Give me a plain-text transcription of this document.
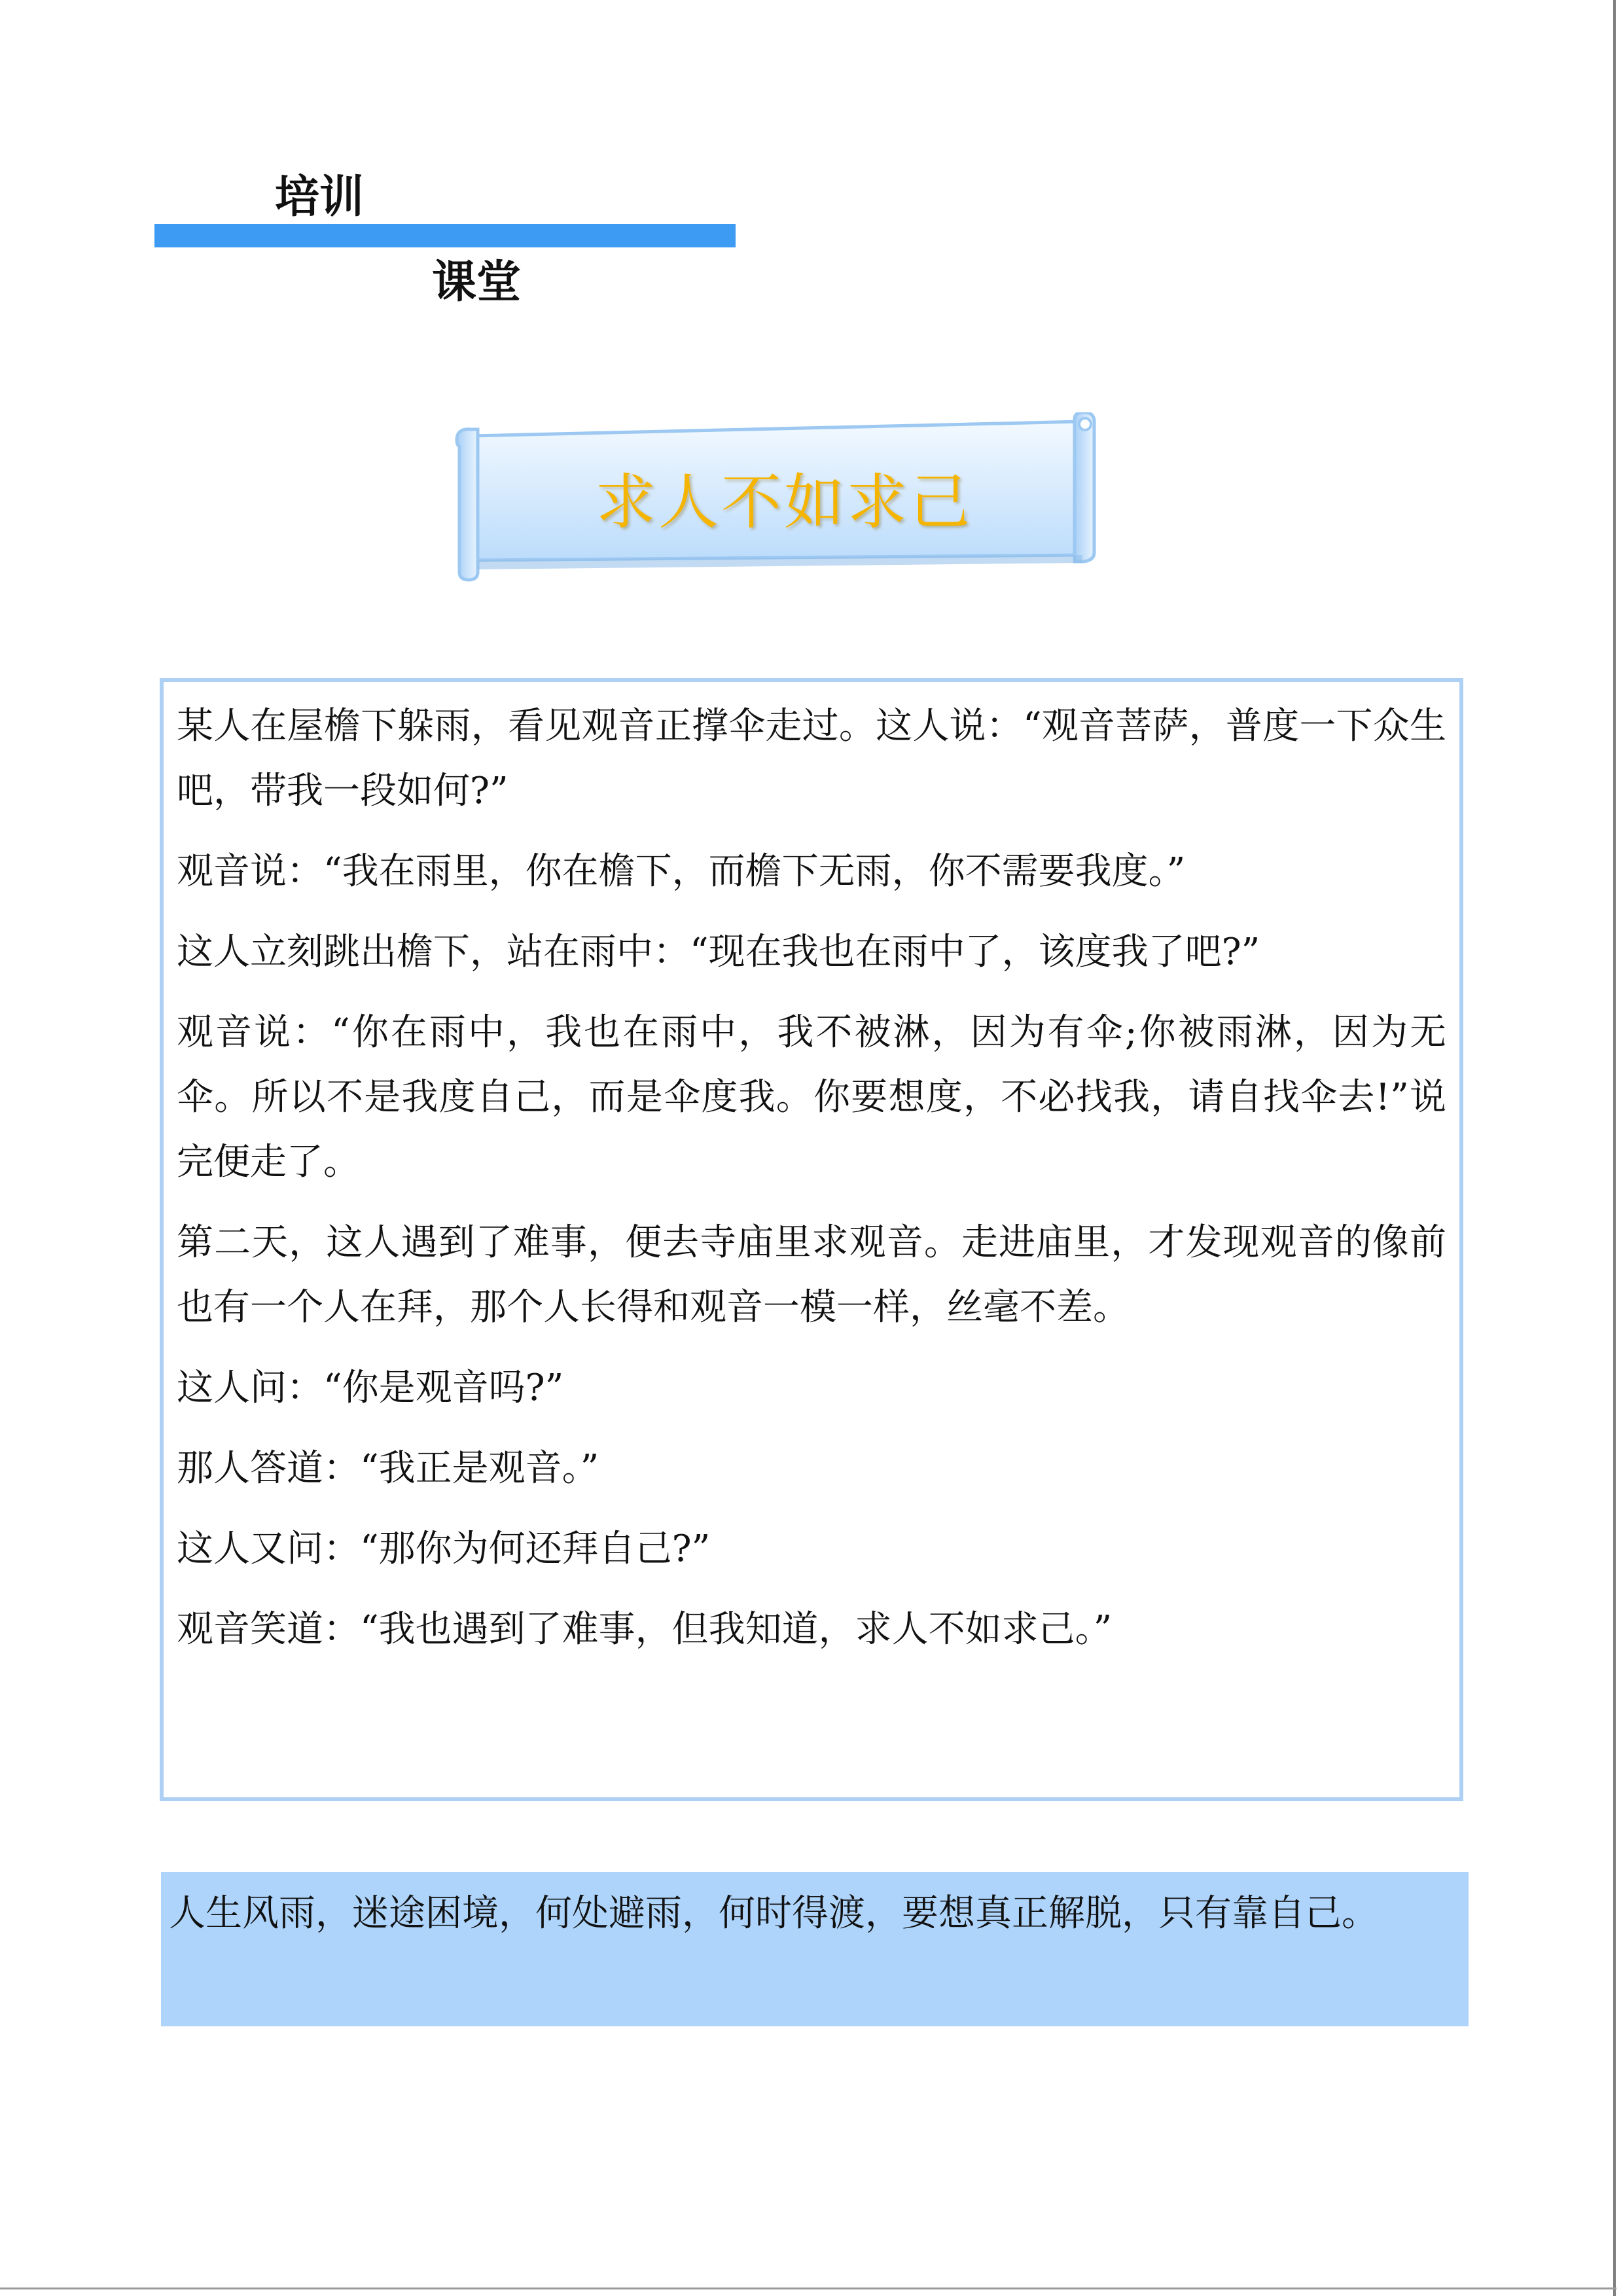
培训
课堂
求人不如求己

某人在屋檐下躲雨，看见观音正撑伞走过。这人说：“观音菩萨，普度一下众生吧，带我一段如何?”

观音说：“我在雨里，你在檐下，而檐下无雨，你不需要我度。”

这人立刻跳出檐下，站在雨中：“现在我也在雨中了，该度我了吧?”

观音说：“你在雨中，我也在雨中，我不被淋，因为有伞;你被雨淋，因为无伞。所以不是我度自己，而是伞度我。你要想度，不必找我，请自找伞去!”说完便走了。

第二天，这人遇到了难事，便去寺庙里求观音。走进庙里，才发现观音的像前也有一个人在拜，那个人长得和观音一模一样，丝毫不差。

这人问：“你是观音吗?”

那人答道：“我正是观音。”

这人又问：“那你为何还拜自己?”

观音笑道：“我也遇到了难事，但我知道，求人不如求己。”

人生风雨，迷途困境，何处避雨，何时得渡，要想真正解脱，只有靠自己。
